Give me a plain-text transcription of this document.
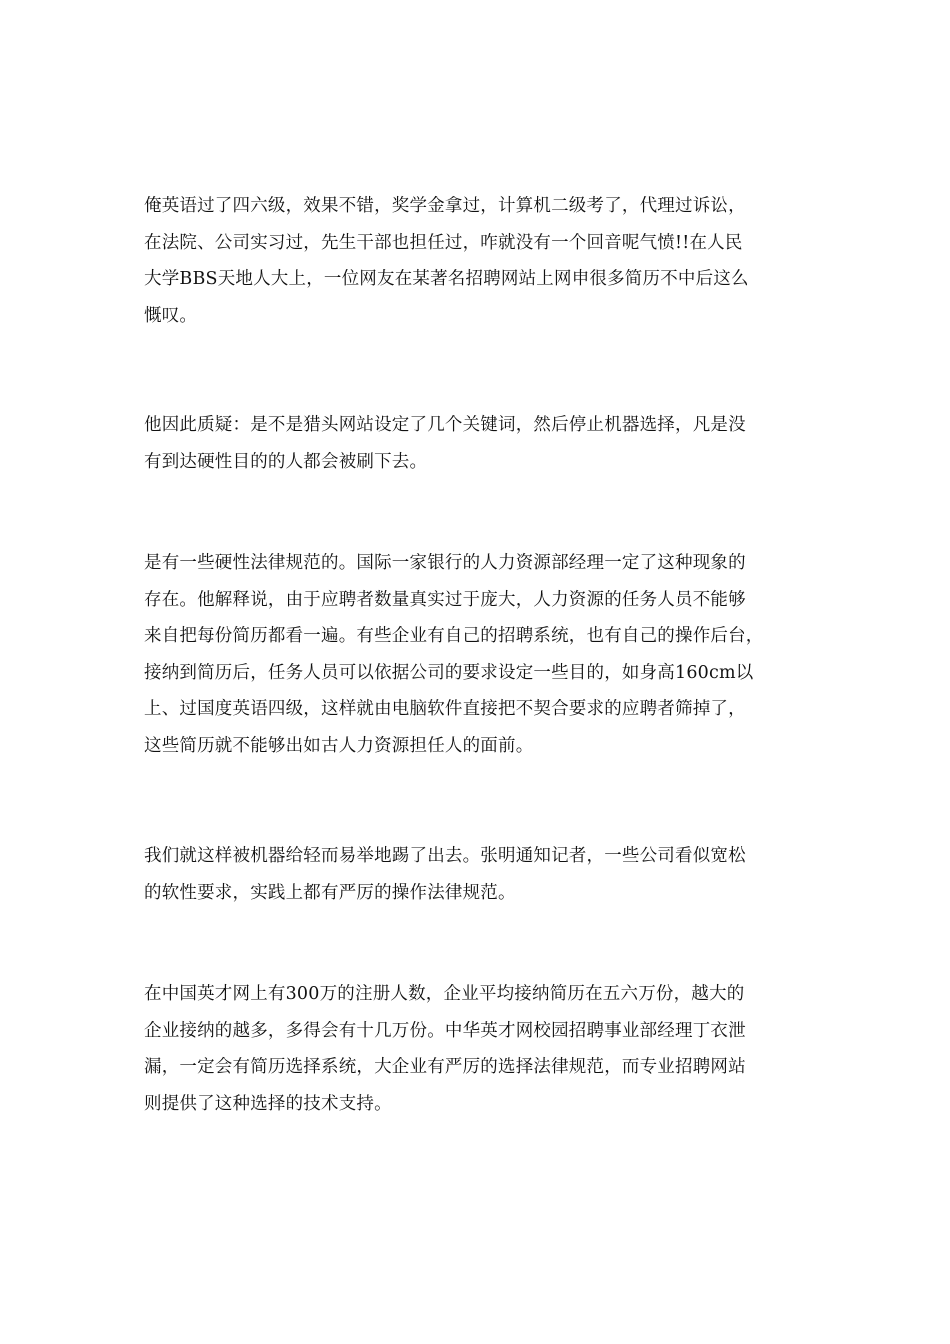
俺英语过了四六级，效果不错，奖学金拿过，计算机二级考了，代理过诉讼，
在法院、公司实习过，先生干部也担任过，咋就没有一个回音呢气愤!!在人民
大学BBS天地人大上，一位网友在某著名招聘网站上网申很多简历不中后这么
慨叹。

他因此质疑：是不是猎头网站设定了几个关键词，然后停止机器选择，凡是没
有到达硬性目的的人都会被刷下去。

是有一些硬性法律规范的。国际一家银行的人力资源部经理一定了这种现象的
存在。他解释说，由于应聘者数量真实过于庞大，人力资源的任务人员不能够
来自把每份简历都看一遍。有些企业有自己的招聘系统，也有自己的操作后台，
接纳到简历后，任务人员可以依据公司的要求设定一些目的，如身高160cm以
上、过国度英语四级，这样就由电脑软件直接把不契合要求的应聘者筛掉了，
这些简历就不能够出如古人力资源担任人的面前。

我们就这样被机器给轻而易举地踢了出去。张明通知记者，一些公司看似宽松
的软性要求，实践上都有严厉的操作法律规范。

在中国英才网上有300万的注册人数，企业平均接纳简历在五六万份，越大的
企业接纳的越多，多得会有十几万份。中华英才网校园招聘事业部经理丁衣泄
漏，一定会有简历选择系统，大企业有严厉的选择法律规范，而专业招聘网站
则提供了这种选择的技术支持。
